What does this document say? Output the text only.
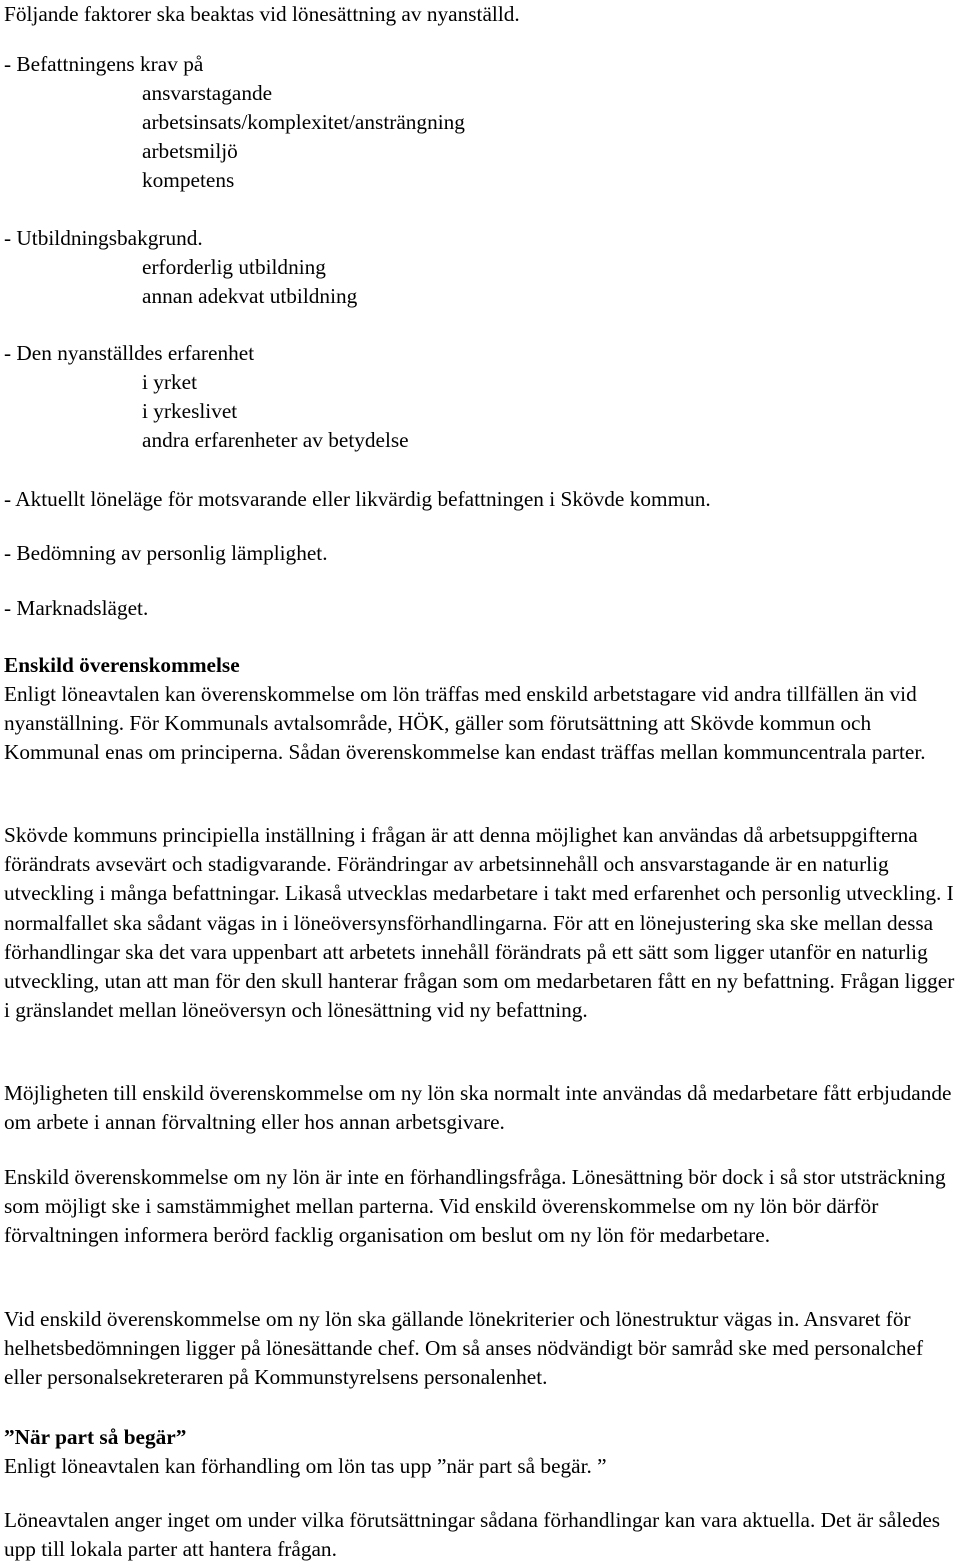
Följande faktorer ska beaktas vid lönesättning av nyanställd.
- Befattningens krav på
ansvarstagande
arbetsinsats/komplexitet/ansträngning
arbetsmiljö
kompetens
- Utbildningsbakgrund.
erforderlig utbildning
annan adekvat utbildning
- Den nyanställdes erfarenhet
i yrket
i yrkeslivet
andra erfarenheter av betydelse
- Aktuellt löneläge för motsvarande eller likvärdig befattningen i Skövde kommun.
- Bedömning av personlig lämplighet.
- Marknadsläget.
Enskild överenskommelse

Enligt löneavtalen kan överenskommelse om lön träffas med enskild arbetstagare vid andra tillfällen än vid nyanställning. För Kommunals avtalsområde, HÖK, gäller som förutsättning att Skövde kommun och Kommunal enas om principerna. Sådan överenskommelse kan endast träffas mellan kommuncentrala parter.

Skövde kommuns principiella inställning i frågan är att denna möjlighet kan användas då arbetsuppgifterna förändrats avsevärt och stadigvarande. Förändringar av arbetsinnehåll och ansvarstagande är en naturlig utveckling i många befattningar. Likaså utvecklas medarbetare i takt med erfarenhet och personlig utveckling. I normalfallet ska sådant vägas in i löneöversynsförhandlingarna. För att en lönejustering ska ske mellan dessa förhandlingar ska det vara uppenbart att arbetets innehåll förändrats på ett sätt som ligger utanför en naturlig utveckling, utan att man för den skull hanterar frågan som om medarbetaren fått en ny befattning. Frågan ligger i gränslandet mellan löneöversyn och lönesättning vid ny befattning.

Möjligheten till enskild överenskommelse om ny lön ska normalt inte användas då medarbetare fått erbjudande om arbete i annan förvaltning eller hos annan arbetsgivare.

Enskild överenskommelse om ny lön är inte en förhandlingsfråga. Lönesättning bör dock i så stor utsträckning som möjligt ske i samstämmighet mellan parterna. Vid enskild överenskommelse om ny lön bör därför förvaltningen informera berörd facklig organisation om beslut om ny lön för medarbetare.

Vid enskild överenskommelse om ny lön ska gällande lönekriterier och lönestruktur vägas in. Ansvaret för helhetsbedömningen ligger på lönesättande chef. Om så anses nödvändigt bör samråd ske med personalchef eller personalsekreteraren på Kommunstyrelsens personalenhet.

”När part så begär”
Enligt löneavtalen kan förhandling om lön tas upp ”när part så begär. ”

Löneavtalen anger inget om under vilka förutsättningar sådana förhandlingar kan vara aktuella. Det är således upp till lokala parter att hantera frågan.
